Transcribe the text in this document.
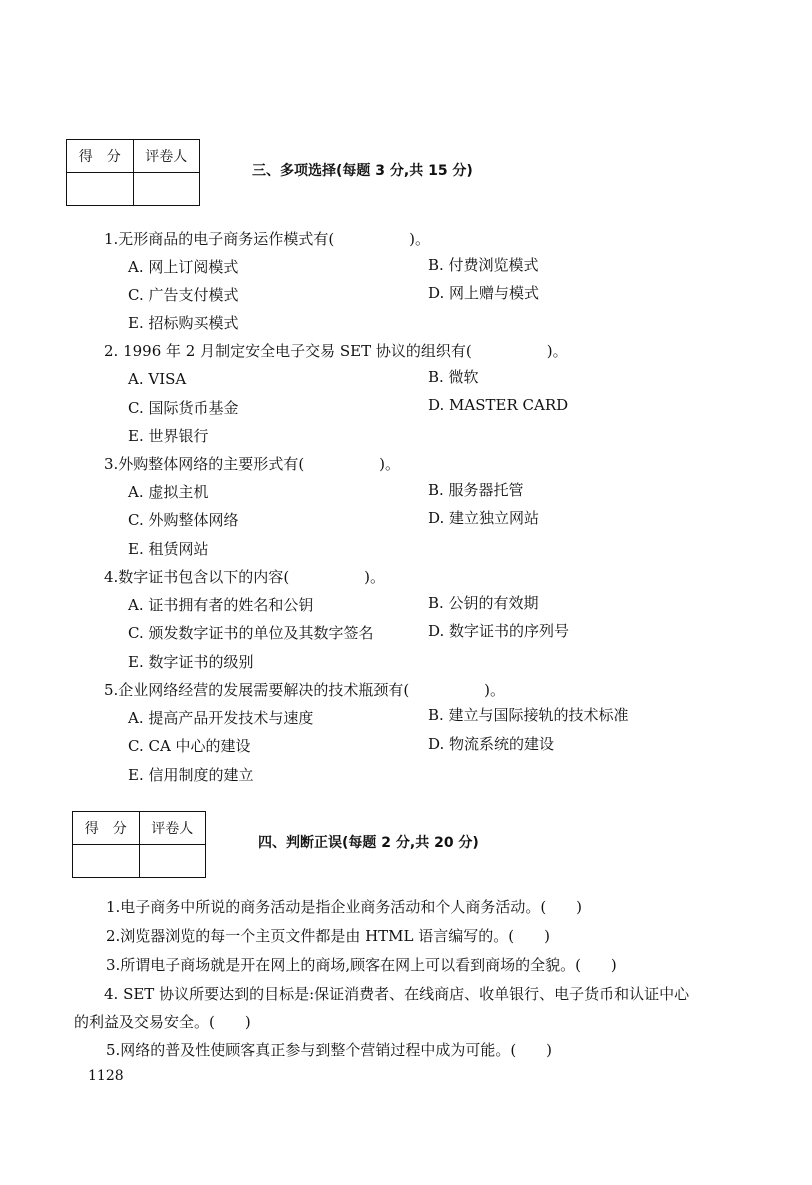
得　分	评卷人

三、多项选择(每题 3 分,共 15 分)
1.无形商品的电子商务运作模式有(　　　　　)。
A. 网上订阅模式	B. 付费浏览模式
C. 广告支付模式	D. 网上赠与模式
E. 招标购买模式
2. 1996 年 2 月制定安全电子交易 SET 协议的组织有(　　　　　)。
A. VISA	B. 微软
C. 国际货币基金	D. MASTER CARD
E. 世界银行
3.外购整体网络的主要形式有(　　　　　)。
A. 虚拟主机	B. 服务器托管
C. 外购整体网络	D. 建立独立网站
E. 租赁网站
4.数字证书包含以下的内容(　　　　　)。
A. 证书拥有者的姓名和公钥	B. 公钥的有效期
C. 颁发数字证书的单位及其数字签名	D. 数字证书的序列号
E. 数字证书的级别
5.企业网络经营的发展需要解决的技术瓶颈有(　　　　　)。
A. 提高产品开发技术与速度	B. 建立与国际接轨的技术标准
C. CA 中心的建设	D. 物流系统的建设
E. 信用制度的建立
得　分	评卷人

四、判断正误(每题 2 分,共 20 分)
1.电子商务中所说的商务活动是指企业商务活动和个人商务活动。(　　)
2.浏览器浏览的每一个主页文件都是由 HTML 语言编写的。(　　)
3.所谓电子商场就是开在网上的商场,顾客在网上可以看到商场的全貌。(　　)
4. SET 协议所要达到的目标是:保证消费者、在线商店、收单银行、电子货币和认证中心
的利益及交易安全。(　　)
5.网络的普及性使顾客真正参与到整个营销过程中成为可能。(　　)
1128
